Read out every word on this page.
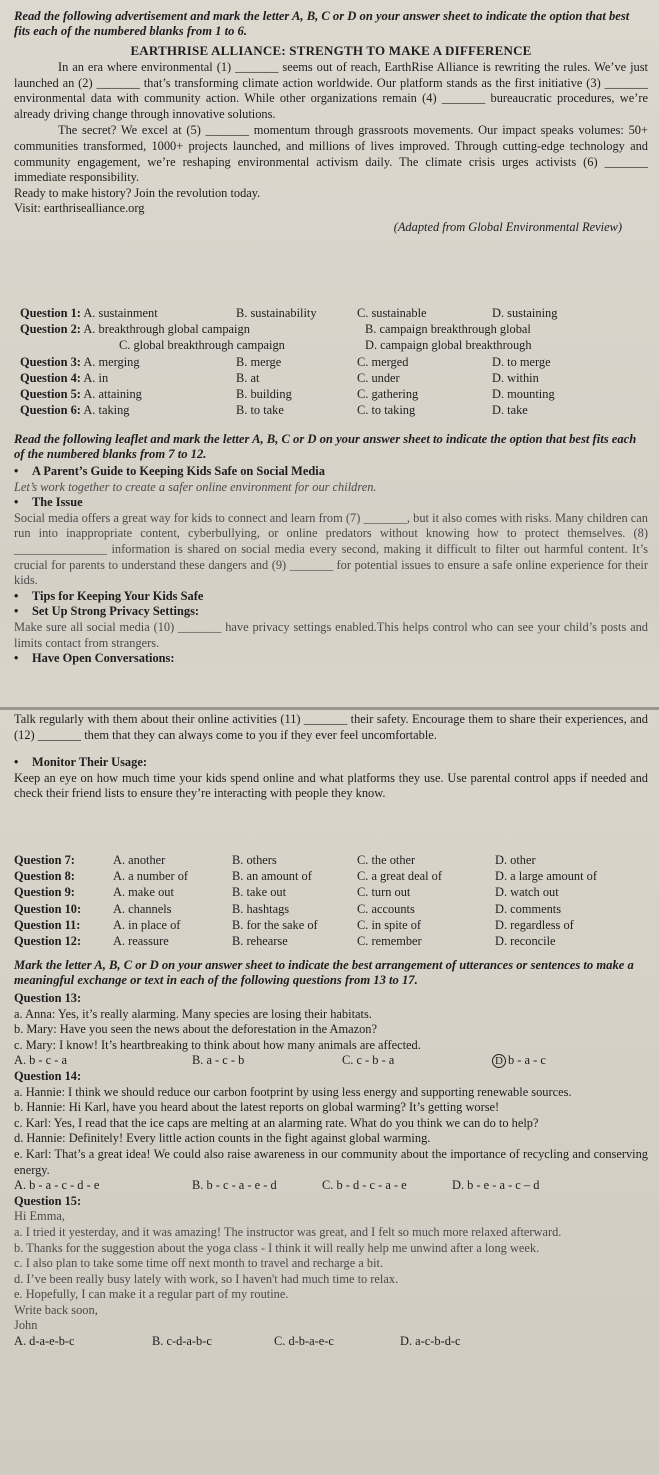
Read the following advertisement and mark the letter A, B, C or D on your answer sheet to indicate the option that best fits each of the numbered blanks from 1 to 6.

EARTHRISE ALLIANCE: STRENGTH TO MAKE A DIFFERENCE

In an era where environmental (1) _______ seems out of reach, EarthRise Alliance is rewriting the rules. We’ve just launched an (2) _______ that’s transforming climate action worldwide. Our platform stands as the first initiative (3) _______ environmental data with community action. While other organizations remain (4) _______ bureaucratic procedures, we’re already driving change through innovative solutions.

The secret? We excel at (5) _______ momentum through grassroots movements. Our impact speaks volumes: 50+ communities transformed, 1000+ projects launched, and millions of lives improved. Through cutting-edge technology and community engagement, we’re reshaping environmental activism daily. The climate crisis urges activists (6) _______ immediate responsibility.

Ready to make history? Join the revolution today.

Visit: earthrisealliance.org

(Adapted from Global Environmental Review)

Question 1: A. sustainment	B. sustainability	C. sustainable	D. sustaining
Question 2: A. breakthrough global campaign	B. campaign breakthrough global
C. global breakthrough campaign	D. campaign global breakthrough
Question 3: A. merging	B. merge	C. merged	D. to merge
Question 4: A. in	B. at	C. under	D. within
Question 5: A. attaining	B. building	C. gathering	D. mounting
Question 6: A. taking	B. to take	C. to taking	D. take

Read the following leaflet and mark the letter A, B, C or D on your answer sheet to indicate the option that best fits each of the numbered blanks from 7 to 12.

• A Parent’s Guide to Keeping Kids Safe on Social Media

Let’s work together to create a safer online environment for our children.

• The Issue

Social media offers a great way for kids to connect and learn from (7) _______, but it also comes with risks. Many children can run into inappropriate content, cyberbullying, or online predators without knowing how to protect themselves. (8) _______________ information is shared on social media every second, making it difficult to filter out harmful content. It’s crucial for parents to understand these dangers and (9) _______ for potential issues to ensure a safe online experience for their kids.

• Tips for Keeping Your Kids Safe

• Set Up Strong Privacy Settings:

Make sure all social media (10) _______ have privacy settings enabled.This helps control who can see your child’s posts and limits contact from strangers.

• Have Open Conversations:

Talk regularly with them about their online activities (11) _______ their safety. Encourage them to share their experiences, and (12) _______ them that they can always come to you if they ever feel uncomfortable.

• Monitor Their Usage:

Keep an eye on how much time your kids spend online and what platforms they use. Use parental control apps if needed and check their friend lists to ensure they’re interacting with people they know.

Question 7:	A. another	B. others	C. the other	D. other
Question 8:	A. a number of	B. an amount of	C. a great deal of	D. a large amount of
Question 9:	A. make out	B. take out	C. turn out	D. watch out
Question 10:	A. channels	B. hashtags	C. accounts	D. comments
Question 11:	A. in place of	B. for the sake of	C. in spite of	D. regardless of
Question 12:	A. reassure	B. rehearse	C. remember	D. reconcile

Mark the letter A, B, C or D on your answer sheet to indicate the best arrangement of utterances or sentences to make a meaningful exchange or text in each of the following questions from 13 to 17.

Question 13:

a. Anna: Yes, it’s really alarming. Many species are losing their habitats.

b. Mary: Have you seen the news about the deforestation in the Amazon?

c. Mary: I know! It’s heartbreaking to think about how many animals are affected.

A. b - c - a	B. a - c - b	C. c - b - a	D b - a - c

Question 14:

a. Hannie: I think we should reduce our carbon footprint by using less energy and supporting renewable sources.

b. Hannie: Hi Karl, have you heard about the latest reports on global warming? It’s getting worse!

c. Karl: Yes, I read that the ice caps are melting at an alarming rate. What do you think we can do to help?

d. Hannie: Definitely! Every little action counts in the fight against global warming.

e. Karl: That’s a great idea! We could also raise awareness in our community about the importance of recycling and conserving energy.

A. b - a - c - d - e	B. b - c - a - e - d	C. b - d - c - a - e	D. b - e - a - c – d

Question 15:

Hi Emma,

a. I tried it yesterday, and it was amazing! The instructor was great, and I felt so much more relaxed afterward.

b. Thanks for the suggestion about the yoga class - I think it will really help me unwind after a long week.

c. I also plan to take some time off next month to travel and recharge a bit.

d. I’ve been really busy lately with work, so I haven't had much time to relax.

e. Hopefully, I can make it a regular part of my routine.

Write back soon,

John

A. d-a-e-b-c	B. c-d-a-b-c	C. d-b-a-e-c	D. a-c-b-d-c
